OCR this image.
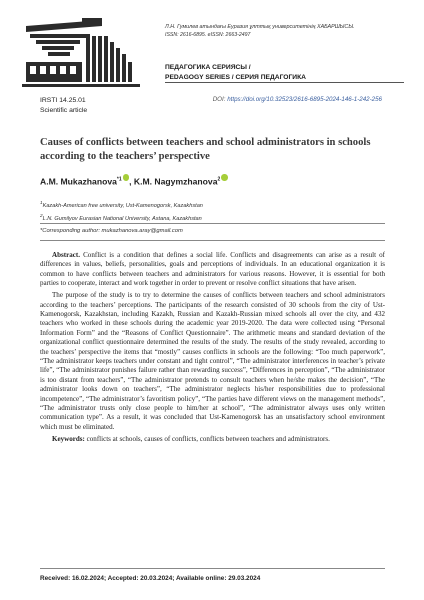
Л.Н. Гумилев атындағы Еуразия ұлттық университетінің ХАБАРШЫСЫ.
ISSN: 2616-6895. eISSN: 2663-2497
ПЕДАГОГИКА СЕРИЯСЫ /
PEDAGOGY SERIES / СЕРИЯ ПЕДАГОГИКА
IRSTI 14.25.01
Scientific article
DOI: https://doi.org/10.32523/2616-6895-2024-146-1-242-256
Causes of conflicts between teachers and school administrators in schools according to the teachers’ perspective
A.M. Mukazhanova$^{*1}$ , K.M. Nagymzhanova$^2$
$^1$Kazakh-American free university, Ust-Kamenogorsk, Kazakhstan
$^2$L.N. Gumilyov Eurasian National University, Astana, Kazakhstan
*Corresponding author: mukazhanova.aray@gmail.com

Abstract. Conflict is a condition that defines a social life. Conflicts and disagreements can arise as a result of differences in values, beliefs, personalities, goals and perceptions of individuals. In an educational organization it is common to have conflicts between teachers and administrators for various reasons. However, it is essential for both parties to cooperate, interact and work together in order to prevent or resolve conflict situations that have arisen.

The purpose of the study is to try to determine the causes of conflicts between teachers and school administrators according to the teachers’ perceptions. The participants of the research consisted of 30 schools from the city of Ust-Kamenogorsk, Kazakhstan, including Kazakh, Russian and Kazakh-Russian mixed schools all over the city, and 432 teachers who worked in these schools during the academic year 2019-2020. The data were collected using “Personal Information Form” and the “Reasons of Conflict Questionnaire”. The arithmetic means and standard deviation of the organizational conflict questionnaire determined the results of the study. The results of the study revealed, according to the teachers’ perspective the items that “mostly” causes conflicts in schools are the following: “Too much paperwork”, “The administrator keeps teachers under constant and tight control”, “The administrator interferences in teacher’s private life”, “The administrator punishes failure rather than rewarding success”, “Differences in perception”, “The administrator is too distant from teachers”, “The administrator pretends to consult teachers when he/she makes the decision”, “The administrator looks down on teachers”, “The administrator neglects his/her responsibilities due to professional incompetence”, “The administrator’s favoritism policy”, “The parties have different views on the management methods”, “The administrator trusts only close people to him/her at school”, “The administrator always uses only written communication type”. As a result, it was concluded that Ust-Kamenogorsk has an unsatisfactory school environment which must be eliminated.

Keywords: conflicts at schools, causes of conflicts, conflicts between teachers and administrators.

Received: 16.02.2024; Accepted: 20.03.2024; Available online: 29.03.2024
